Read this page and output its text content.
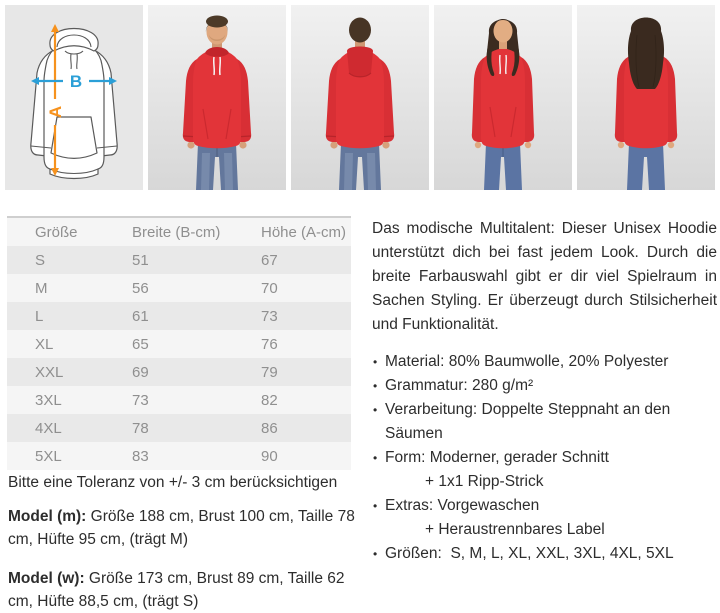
A
B
Größe	Breite (B-cm)	Höhe (A-cm)
S	51	67
M	56	70
L	61	73
XL	65	76
XXL	69	79
3XL	73	82
4XL	78	86
5XL	83	90

Das modische Multitalent: Dieser Unisex Hoodie unterstützt dich bei fast jedem Look. Durch die breite Farbauswahl gibt er dir viel Spielraum in Sachen Styling. Er überzeugt durch Stilsicherheit und Funktionalität.

• Material: 80% Baumwolle, 20% Polyester
• Grammatur: 280 g/m²
• Verarbeitung: Doppelte Steppnaht an den Säumen
• Form: Moderner, gerader Schnitt
+ 1x1 Ripp-Strick
• Extras: Vorgewaschen
+ Heraustrennbares Label
• Größen:  S, M, L, XL, XXL, 3XL, 4XL, 5XL
Bitte eine Toleranz von +/- 3 cm berücksichtigen
Model (m): Größe 188 cm, Brust 100 cm, Taille 78 cm, Hüfte 95 cm, (trägt M)
Model (w): Größe 173 cm, Brust 89 cm, Taille 62 cm, Hüfte 88,5 cm, (trägt S)
